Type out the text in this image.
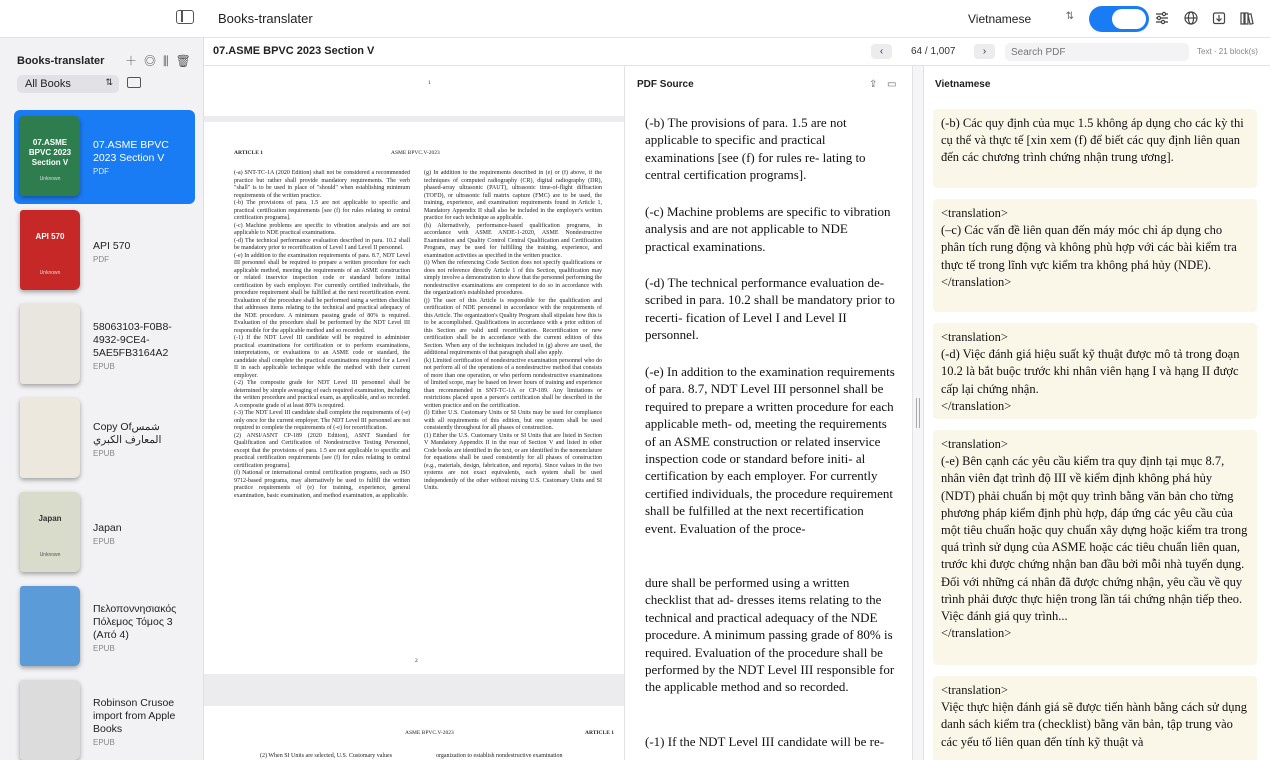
Books-translater	Vietnamese	⇅
Books-translater ＋◎⫼🗑
All Books	⇅
07.ASME BPVC 2023 Section V
Unknown
07.ASME BPVC 2023 Section V
PDF
API 570
Unknown
API 570
PDF
58063103-F0B8-4932-9CE4-5AE5FB3164A2
EPUB
Copy Ofشمس المعارف الكبري
EPUB
Japan
Unknown
Japan
EPUB
Πελοποννησιακός Πόλεμος Τόμος 3 (Από 4)
EPUB
Robinson Crusoe import from Apple Books
EPUB
07.ASME BPVC 2023 Section V	‹	64 / 1,007	›
Search PDF	Text · 21 block(s)
1
ARTICLE 1	ASME BPVC.V-2023
(-a) SNT-TC-1A (2020 Edition) shall not be considered a recommended practice but rather shall provide mandatory requirements. The verb "shall" is to be used in place of "should" when establishing minimum requirements of the written practice.
(-b) The provisions of para. 1.5 are not applicable to specific and practical certification requirements [see (f) for rules relating to central certification programs].
(-c) Machine problems are specific to vibration analysis and are not applicable to NDE practical examinations.
(-d) The technical performance evaluation described in para. 10.2 shall be mandatory prior to recertification of Level I and Level II personnel.
(-e) In addition to the examination requirements of para. 8.7, NDT Level III personnel shall be required to prepare a written procedure for each applicable method, meeting the requirements of an ASME construction or related inservice inspection code or standard before initial certification by each employer. For currently certified individuals, the procedure requirement shall be fulfilled at the next recertification event. Evaluation of the procedure shall be performed using a written checklist that addresses items relating to the technical and practical adequacy of the NDE procedure. A minimum passing grade of 80% is required. Evaluation of the procedure shall be performed by the NDT Level III responsible for the applicable method and so recorded.
(-1) If the NDT Level III candidate will be required to administer practical examinations for certification or to perform examinations, interpretations, or evaluations to an ASME code or standard, the candidate shall complete the practical examinations required for a Level II in each applicable technique while the method with their current employer.
(-2) The composite grade for NDT Level III personnel shall be determined by simple averaging of each required examination, including the written procedure and practical exam, as applicable, and so recorded. A composite grade of at least 80% is required.
(-3) The NDT Level III candidate shall complete the requirements of (-e) only once for the current employer. The NDT Level III personnel are not required to complete the requirements of (-e) for recertification.
(2) ANSI/ASNT CP-189 (2020 Edition), ASNT Standard for Qualification and Certification of Nondestructive Testing Personnel, except that the provisions of para. 1.5 are not applicable to specific and practical certification requirements [see (f) for rules relating to central certification programs].
(f) National or international central certification programs, such as ISO 9712-based programs, may alternatively be used to fulfill the written practice requirements of (e) for training, experience, general examination, basic examination, and method examination, as applicable.
(g) In addition to the requirements described in (e) or (f) above, if the techniques of computed radiography (CR), digital radiography (DR), phased-array ultrasonic (PAUT), ultrasonic time-of-flight diffraction (TOFD), or ultrasonic full matrix capture (FMC) are to be used, the training, experience, and examination requirements found in Article 1, Mandatory Appendix II shall also be included in the employer's written practice for each technique as applicable.
(h) Alternatively, performance-based qualification programs, in accordance with ASME ANDE-1-2020, ASME Nondestructive Examination and Quality Control Central Qualification and Certification Program, may be used for fulfilling the training, experience, and examination activities as specified in the written practice.
(i) When the referencing Code Section does not specify qualifications or does not reference directly Article 1 of this Section, qualification may simply involve a demonstration to show that the personnel performing the nondestructive examinations are competent to do so in accordance with the organization's established procedures.
(j) The user of this Article is responsible for the qualification and certification of NDE personnel in accordance with the requirements of this Article. The organization's Quality Program shall stipulate how this is to be accomplished. Qualifications in accordance with a prior edition of this Section are valid until recertification. Recertification or new certification shall be in accordance with the current edition of this Section. When any of the techniques included in (g) above are used, the additional requirements of that paragraph shall also apply.
(k) Limited certification of nondestructive examination personnel who do not perform all of the operations of a nondestructive method that consists of more than one operation, or who perform nondestructive examinations of limited scope, may be based on fewer hours of training and experience than recommended in SNT-TC-1A or CP-189. Any limitations or restrictions placed upon a person's certification shall be described in the written practice and on the certification.
(l) Either U.S. Customary Units or SI Units may be used for compliance with all requirements of this edition, but one system shall be used consistently throughout for all phases of construction.
(1) Either the U.S. Customary Units or SI Units that are listed in Section V Mandatory Appendix II in the rear of Section V and listed in other Code books are identified in the text, or are identified in the nomenclature for equations shall be used consistently for all phases of construction (e.g., materials, design, fabrication, and reports). Since values in the two systems are not exact equivalents, each system shall be used independently of the other without mixing U.S. Customary Units and SI Units.
2
ASME BPVC.V-2023	ARTICLE 1
(2) When SI Units are selected, U.S. Customary values	organization to establish nondestructive examination
PDF Source	⇪ ▭
(-b) The provisions of para. 1.5 are not applicable to specific and practical examinations [see (f) for rules re- lating to central certification programs].
(-c) Machine problems are specific to vibration analysis and are not applicable to NDE practical examinations.
(-d) The technical performance evaluation de- scribed in para. 10.2 shall be mandatory prior to recerti- fication of Level I and Level II personnel.
(-e) In addition to the examination requirements of para. 8.7, NDT Level III personnel shall be required to prepare a written procedure for each applicable meth- od, meeting the requirements of an ASME construction or related inservice inspection code or standard before initi- al certification by each employer. For currently certified individuals, the procedure requirement shall be fulfilled at the next recertification event. Evaluation of the proce-
dure shall be performed using a written checklist that ad- dresses items relating to the technical and practical adequacy of the NDE procedure. A minimum passing grade of 80% is required. Evaluation of the procedure shall be performed by the NDT Level III responsible for the applicable method and so recorded.
(-1) If the NDT Level III candidate will be re-
Vietnamese

(-b) Các quy định của mục 1.5 không áp dụng cho các kỳ thi cụ thể và thực tế [xin xem (f) để biết các quy định liên quan đến các chương trình chứng nhận trung ương].

<translation>
(–c) Các vấn đề liên quan đến máy móc chỉ áp dụng cho phân tích rung động và không phù hợp với các bài kiểm tra thực tế trong lĩnh vực kiểm tra không phá hủy (NDE).
</translation>

<translation>
(-d) Việc đánh giá hiệu suất kỹ thuật được mô tả trong đoạn 10.2 là bắt buộc trước khi nhân viên hạng I và hạng II được cấp lại chứng nhận.
</translation>

<translation>
(-e) Bên cạnh các yêu cầu kiểm tra quy định tại mục 8.7, nhân viên đạt trình độ III về kiểm định không phá hủy (NDT) phải chuẩn bị một quy trình bằng văn bản cho từng phương pháp kiểm định phù hợp, đáp ứng các yêu cầu của một tiêu chuẩn hoặc quy chuẩn xây dựng hoặc kiểm tra trong quá trình sử dụng của ASME hoặc các tiêu chuẩn liên quan, trước khi được chứng nhận ban đầu bởi mỗi nhà tuyển dụng. Đối với những cá nhân đã được chứng nhận, yêu cầu về quy trình phải được thực hiện trong lần tái chứng nhận tiếp theo. Việc đánh giá quy trình...
</translation>

<translation>
Việc thực hiện đánh giá sẽ được tiến hành bằng cách sử dụng danh sách kiểm tra (checklist) bằng văn bản, tập trung vào các yếu tố liên quan đến tính kỹ thuật và
